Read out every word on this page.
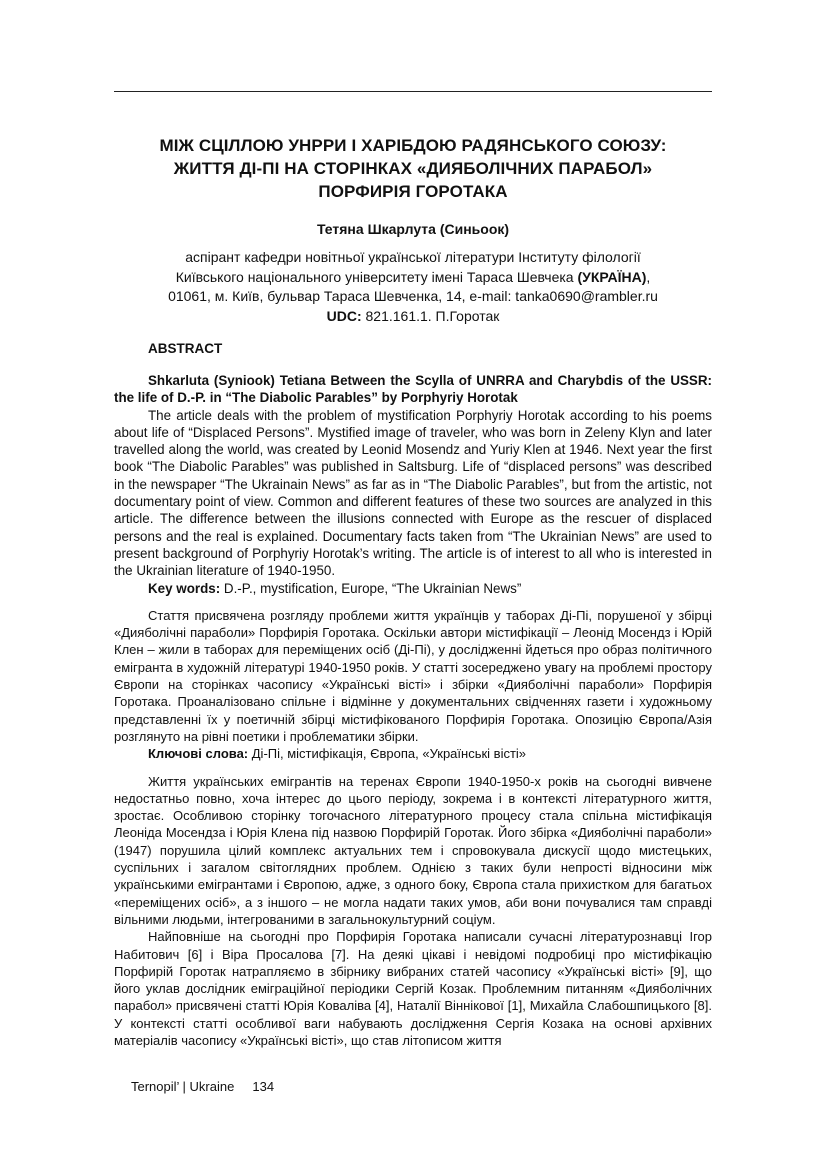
МІЖ СЦІЛЛОЮ УНРРИ І ХАРІБДОЮ РАДЯНСЬКОГО СОЮЗУ:
ЖИТТЯ ДІ-ПІ НА СТОРІНКАХ «ДИЯБОЛІЧНИХ ПАРАБОЛ»
ПОРФИРІЯ ГОРОТАКА
Тетяна Шкарлута (Синьоок)
аспірант кафедри новітньої української літератури Інституту філології
Київського національного університету імені Тараса Шевчека (УКРАЇНА),
01061, м. Київ, бульвар Тараса Шевченка, 14, e-mail: tanka0690@rambler.ru
UDC: 821.161.1. П.Горотак
ABSTRACT

Shkarluta (Syniook) Tetiana Between the Scylla of UNRRA and Charybdis of the USSR: the life of D.-P. in “The Diabolic Parables” by Porphyriy Horotak

The article deals with the problem of mystification Porphyriy Horotak according to his poems about life of “Displaced Persons”. Mystified image of traveler, who was born in Zeleny Klyn and later travelled along the world, was created by Leonid Mosendz and Yuriy Klen at 1946. Next year the first book “The Diabolic Parables” was published in Saltsburg. Life of “displaced persons” was described in the newspaper “The Ukrainain News” as far as in “The Diabolic Parables”, but from the artistic, not documentary point of view. Common and different features of these two sources are analyzed in this article. The difference between the illusions connected with Europe as the rescuer of displaced persons and the real is explained. Documentary facts taken from “The Ukrainian News” are used to present background of Porphyriy Horotak’s writing. The article is of interest to all who is interested in the Ukrainian literature of 1940-1950.

Key words: D.-P., mystification, Europe, “The Ukrainian News”

Стаття присвячена розгляду проблеми життя українців у таборах Ді-Пі, порушеної у збірці «Дияболічні параболи» Порфирія Горотака. Оскільки автори містифікації – Леонід Мосендз і Юрій Клен – жили в таборах для переміщених осіб (Ді-Пі), у дослідженні йдеться про образ політичного емігранта в художній літературі 1940-1950 років. У статті зосереджено увагу на проблемі простору Європи на сторінках часопису «Українські вісті» і збірки «Дияболічні параболи» Порфирія Горотака. Проаналізовано спільне і відмінне у документальних свідченнях газети і художньому представленні їх у поетичній збірці містифікованого Порфирія Горотака. Опозицію Європа/Азія розглянуто на рівні поетики і проблематики збірки.

Ключові слова: Ді-Пі, містифікація, Європа, «Українські вісті»

Життя українських емігрантів на теренах Європи 1940-1950-х років на сьогодні вивчене недостатньо повно, хоча інтерес до цього періоду, зокрема і в контексті літературного життя, зростає. Особливою сторінку тогочасного літературного процесу стала спільна містифікація Леоніда Мосендза і Юрія Клена під назвою Порфирій Горотак. Його збірка «Дияболічні параболи» (1947) порушила цілий комплекс актуальних тем і спровокувала дискусії щодо мистецьких, суспільних і загалом світоглядних проблем. Однією з таких були непрості відносини між українськими емігрантами і Європою, адже, з одного боку, Європа стала прихистком для багатьох «переміщених осіб», а з іншого – не могла надати таких умов, аби вони почувалися там справді вільними людьми, інтегрованими в загальнокультурний соціум.

Найповніше на сьогодні про Порфирія Горотака написали сучасні літературознавці Ігор Набитович [6] і Віра Просалова [7]. На деякі цікаві і невідомі подробиці про містифікацію Порфирій Горотак натрапляємо в збірнику вибраних статей часопису «Українські вісті» [9], що його уклав дослідник еміграційної періодики Сергій Козак. Проблемним питанням «Дияболічних парабол» присвячені статті Юрія Коваліва [4], Наталії Віннікової [1], Михайла Слабошпицького [8]. У контексті статті особливої ваги набувають дослідження Сергія Козака на основі архівних матеріалів часопису «Українські вісті», що став літописом життя

Ternopil’ | Ukraine 134
